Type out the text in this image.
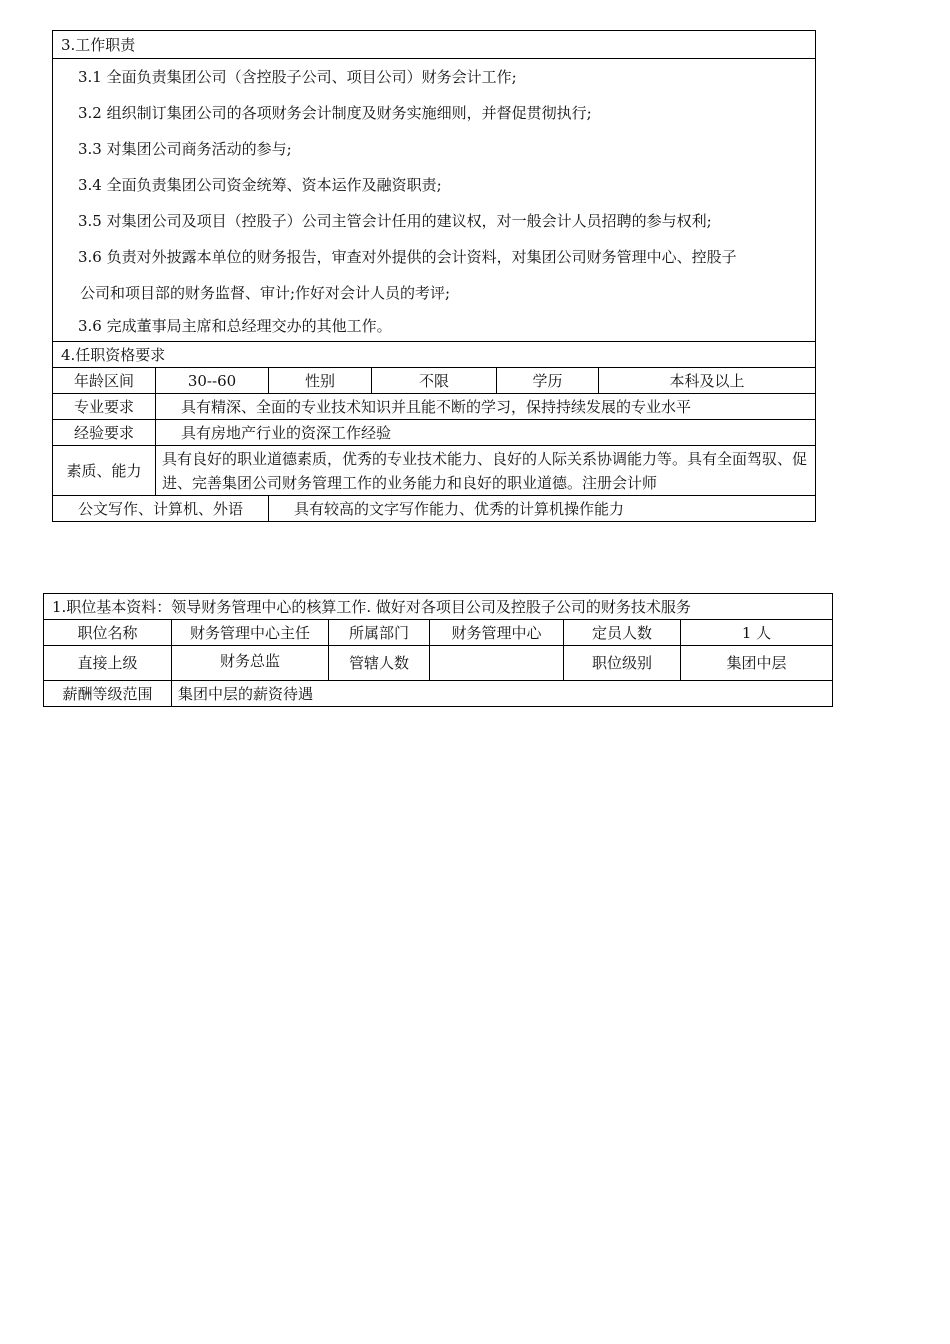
3.工作职责					
3.1 全面负责集团公司（含控股子公司、项目公司）财务会计工作;					
3.2 组织制订集团公司的各项财务会计制度及财务实施细则，并督促贯彻执行;					
3.3 对集团公司商务活动的参与;					
3.4 全面负责集团公司资金统筹、资本运作及融资职责;					
3.5 对集团公司及项目（控股子）公司主管会计任用的建议权，对一般会计人员招聘的参与权利;					
3.6 负责对外披露本单位的财务报告，审查对外提供的会计资料，对集团公司财务管理中心、控股子					
公司和项目部的财务监督、审计;作好对会计人员的考评;					
3.6 完成董事局主席和总经理交办的其他工作。					
4.任职资格要求					
年龄区间	30--60	性别	不限	学历	本科及以上
专业要求	具有精深、全面的专业技术知识并且能不断的学习，保持持续发展的专业水平				
经验要求	具有房地产行业的资深工作经验				
素质、能力	具有良好的职业道德素质，优秀的专业技术能力、良好的人际关系协调能力等。具有全面驾驭、促进、完善集团公司财务管理工作的业务能力和良好的职业道德。注册会计师				
公文写作、计算机、外语		具有较高的文字写作能力、优秀的计算机操作能力			
1.职位基本资料：领导财务管理中心的核算工作. 做好对各项目公司及控股子公司的财务技术服务					
职位名称	财务管理中心主任	所属部门	财务管理中心	定员人数	1 人
直接上级	财务总监	管辖人数		职位级别	集团中层
薪酬等级范围	集团中层的薪资待遇				
